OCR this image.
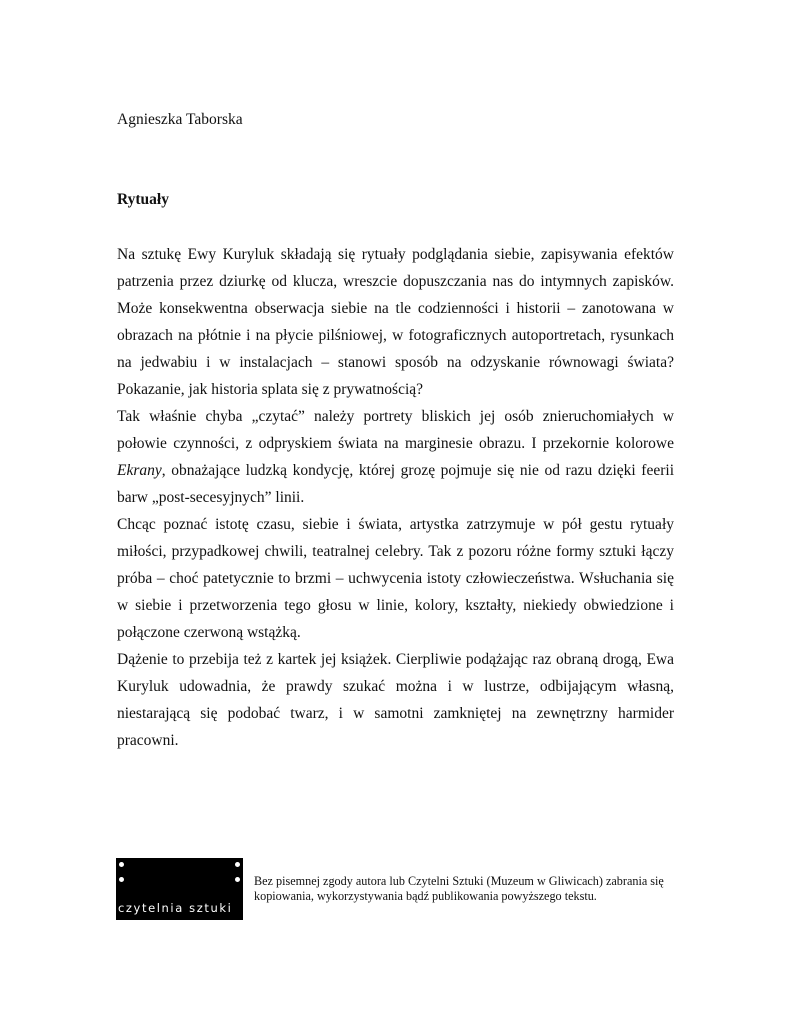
Agnieszka Taborska

Rytuały

Na sztukę Ewy Kuryluk składają się rytuały podglądania siebie, zapisywania efektów patrzenia przez dziurkę od klucza, wreszcie dopuszczania nas do intymnych zapisków. Może konsekwentna obserwacja siebie na tle codzienności i historii – zanotowana w obrazach na płótnie i na płycie pilśniowej, w fotograficznych autoportretach, rysunkach na jedwabiu i w instalacjach – stanowi sposób na odzyskanie równowagi świata? Pokazanie, jak historia splata się z prywatnością?

Tak właśnie chyba „czytać” należy portrety bliskich jej osób znieruchomiałych w połowie czynności, z odpryskiem świata na marginesie obrazu. I przekornie kolorowe Ekrany, obnażające ludzką kondycję, której grozę pojmuje się nie od razu dzięki feerii barw „post-secesyjnych” linii.

Chcąc poznać istotę czasu, siebie i świata, artystka zatrzymuje w pół gestu rytuały miłości, przypadkowej chwili, teatralnej celebry. Tak z pozoru różne formy sztuki łączy próba – choć patetycznie to brzmi – uchwycenia istoty człowieczeństwa. Wsłuchania się w siebie i przetworzenia tego głosu w linie, kolory, kształty, niekiedy obwiedzione i połączone czerwoną wstążką.

Dążenie to przebija też z kartek jej książek. Cierpliwie podążając raz obraną drogą, Ewa Kuryluk udowadnia, że prawdy szukać można i w lustrze, odbijającym własną, niestarającą się podobać twarz, i w samotni zamkniętej na zewnętrzny harmider pracowni.

czytelnia sztuki

Bez pisemnej zgody autora lub Czytelni Sztuki (Muzeum w Gliwicach) zabrania się kopiowania, wykorzystywania bądź publikowania powyższego tekstu.
